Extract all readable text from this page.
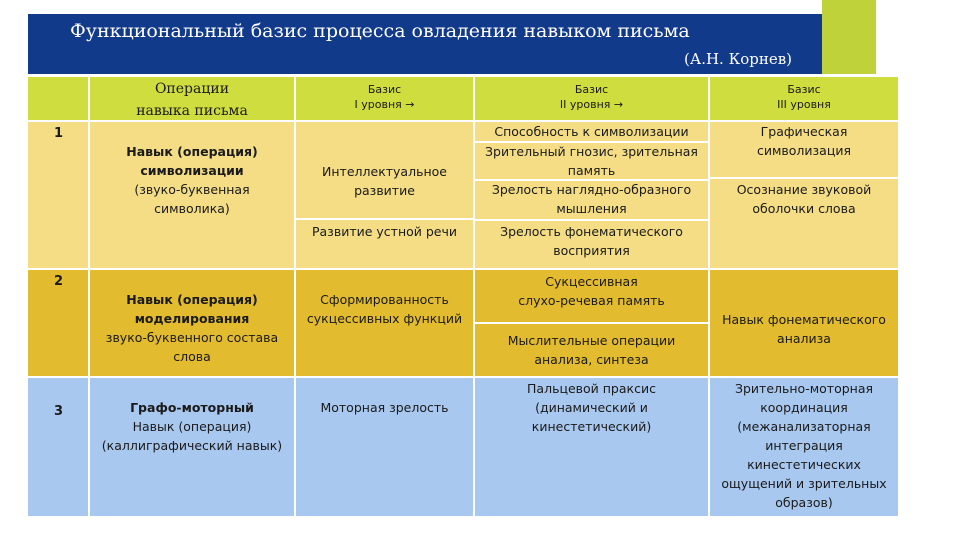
Функциональный базис процесса овладения навыком письма
(А.Н. Корнев)
Операции
навыка письма
Базис
I уровня →
Базис
II уровня →
Базис
III уровня
1
Навык (операция)
символизации
(звуко-буквенная
символика)
Интеллектуальное
развитие
Развитие устной речи
Способность к символизации
Зрительный гнозис, зрительная
память
Зрелость наглядно-образного
мышления
Зрелость фонематического
восприятия
Графическая
символизация
Осознание звуковой
оболочки слова
2
Навык (операция)
моделирования
звуко-буквенного состава
слова
Сформированность
сукцессивных функций
Сукцессивная
слухо-речевая память
Мыслительные операции
анализа, синтеза
Навык фонематического
анализа
3	Графо-моторный
Навык (операция)
(каллиграфический навык)
Моторная зрелость
Пальцевой праксис
(динамический и
кинестетический)
Зрительно-моторная
координация
(межанализаторная
интеграция
кинестетических
ощущений и зрительных
образов)
